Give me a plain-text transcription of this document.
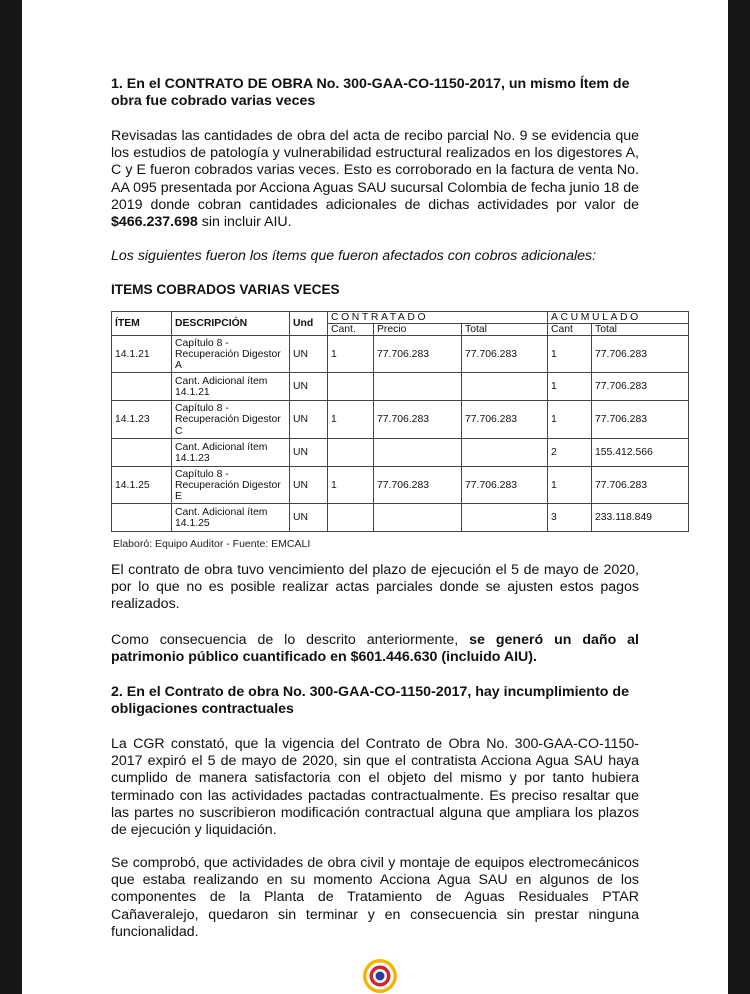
1. En el CONTRATO DE OBRA No. 300-GAA-CO-1150-2017, un mismo Ítem de obra fue cobrado varias veces
Revisadas las cantidades de obra del acta de recibo parcial No. 9 se evidencia que los estudios de patología y vulnerabilidad estructural realizados en los digestores A, C y E fueron cobrados varias veces. Esto es corroborado en la factura de venta No. AA 095 presentada por Acciona Aguas SAU sucursal Colombia de fecha junio 18 de 2019 donde cobran cantidades adicionales de dichas actividades por valor de $466.237.698 sin incluir AIU.
Los siguientes fueron los ítems que fueron afectados con cobros adicionales:
ITEMS COBRADOS VARIAS VECES
ÍTEM	DESCRIPCIÓN	Und	CONTRATADO			ACUMULADO	
			Cant.	Precio	Total	Cant	Total
14.1.21	Capítulo 8 - Recuperación Digestor A	UN	1	77.706.283	77.706.283	1	77.706.283
	Cant. Adicional ítem 14.1.21	UN				1	77.706.283
14.1.23	Capítulo 8 - Recuperación Digestor C	UN	1	77.706.283	77.706.283	1	77.706.283
	Cant. Adicional ítem 14.1.23	UN				2	155.412.566
14.1.25	Capítulo 8 - Recuperación Digestor E	UN	1	77.706.283	77.706.283	1	77.706.283
	Cant. Adicional ítem 14.1.25	UN				3	233.118.849
Elaboró: Equipo Auditor - Fuente: EMCALI
El contrato de obra tuvo vencimiento del plazo de ejecución el 5 de mayo de 2020, por lo que no es posible realizar actas parciales donde se ajusten estos pagos realizados.
Como consecuencia de lo descrito anteriormente, se generó un daño al patrimonio público cuantificado en $601.446.630 (incluido AIU).
2. En el Contrato de obra No. 300-GAA-CO-1150-2017, hay incumplimiento de obligaciones contractuales
La CGR constató, que la vigencia del Contrato de Obra No. 300-GAA-CO-1150-2017 expiró el 5 de mayo de 2020, sin que el contratista Acciona Agua SAU haya cumplido de manera satisfactoria con el objeto del mismo y por tanto hubiera terminado con las actividades pactadas contractualmente. Es preciso resaltar que las partes no suscribieron modificación contractual alguna que ampliara los plazos de ejecución y liquidación.
Se comprobó, que actividades de obra civil y montaje de equipos electromecánicos que estaba realizando en su momento Acciona Agua SAU en algunos de los componentes de la Planta de Tratamiento de Aguas Residuales PTAR Cañaveralejo, quedaron sin terminar y en consecuencia sin prestar ninguna funcionalidad.
